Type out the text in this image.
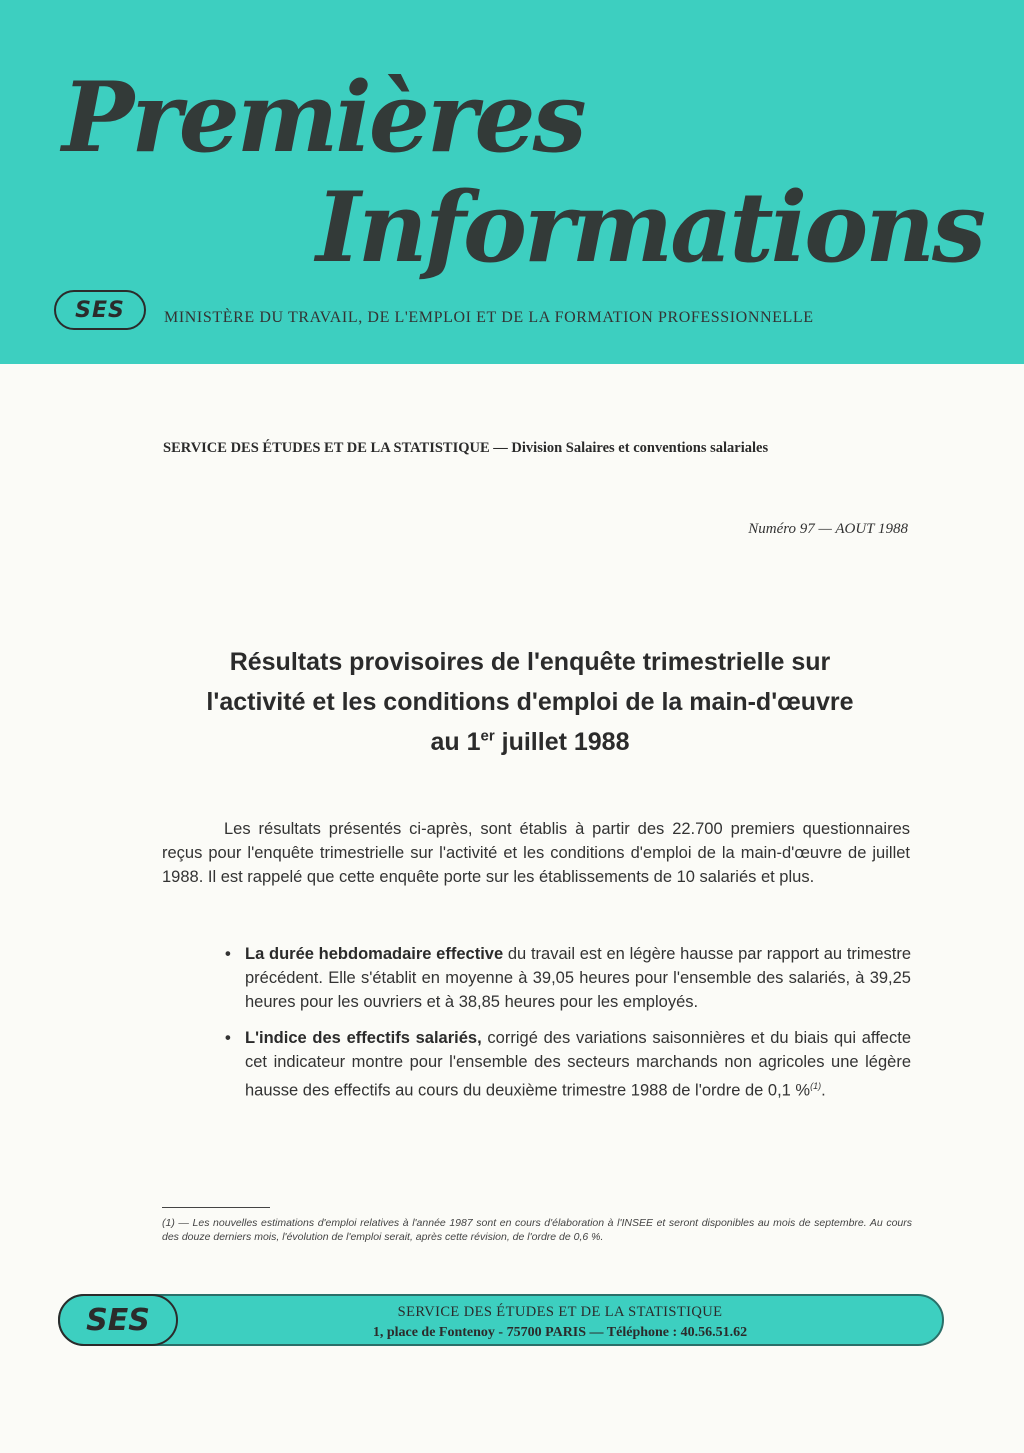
Premières
Informations
SES	MINISTÈRE DU TRAVAIL, DE L'EMPLOI ET DE LA FORMATION PROFESSIONNELLE
SERVICE DES ÉTUDES ET DE LA STATISTIQUE — Division Salaires et conventions salariales
Numéro 97 — AOUT 1988
Résultats provisoires de l'enquête trimestrielle sur
l'activité et les conditions d'emploi de la main-d'œuvre
au 1er juillet 1988

Les résultats présentés ci-après, sont établis à partir des 22.700 premiers questionnaires reçus pour l'enquête trimestrielle sur l'activité et les conditions d'emploi de la main-d'œuvre de juillet 1988. Il est rappelé que cette enquête porte sur les établissements de 10 salariés et plus.

• La durée hebdomadaire effective du travail est en légère hausse par rapport au trimestre précédent. Elle s'établit en moyenne à 39,05 heures pour l'ensemble des salariés, à 39,25 heures pour les ouvriers et à 38,85 heures pour les employés.
• L'indice des effectifs salariés, corrigé des variations saisonnières et du biais qui affecte cet indicateur montre pour l'ensemble des secteurs marchands non agricoles une légère hausse des effectifs au cours du deuxième trimestre 1988 de l'ordre de 0,1 %$^{(1)}$.

(1) — Les nouvelles estimations d'emploi relatives à l'année 1987 sont en cours d'élaboration à l'INSEE et seront disponibles au mois de septembre. Au cours des douze derniers mois, l'évolution de l'emploi serait, après cette révision, de l'ordre de 0,6 %.

SES	SERVICE DES ÉTUDES ET DE LA STATISTIQUE
1, place de Fontenoy - 75700 PARIS — Téléphone : 40.56.51.62
